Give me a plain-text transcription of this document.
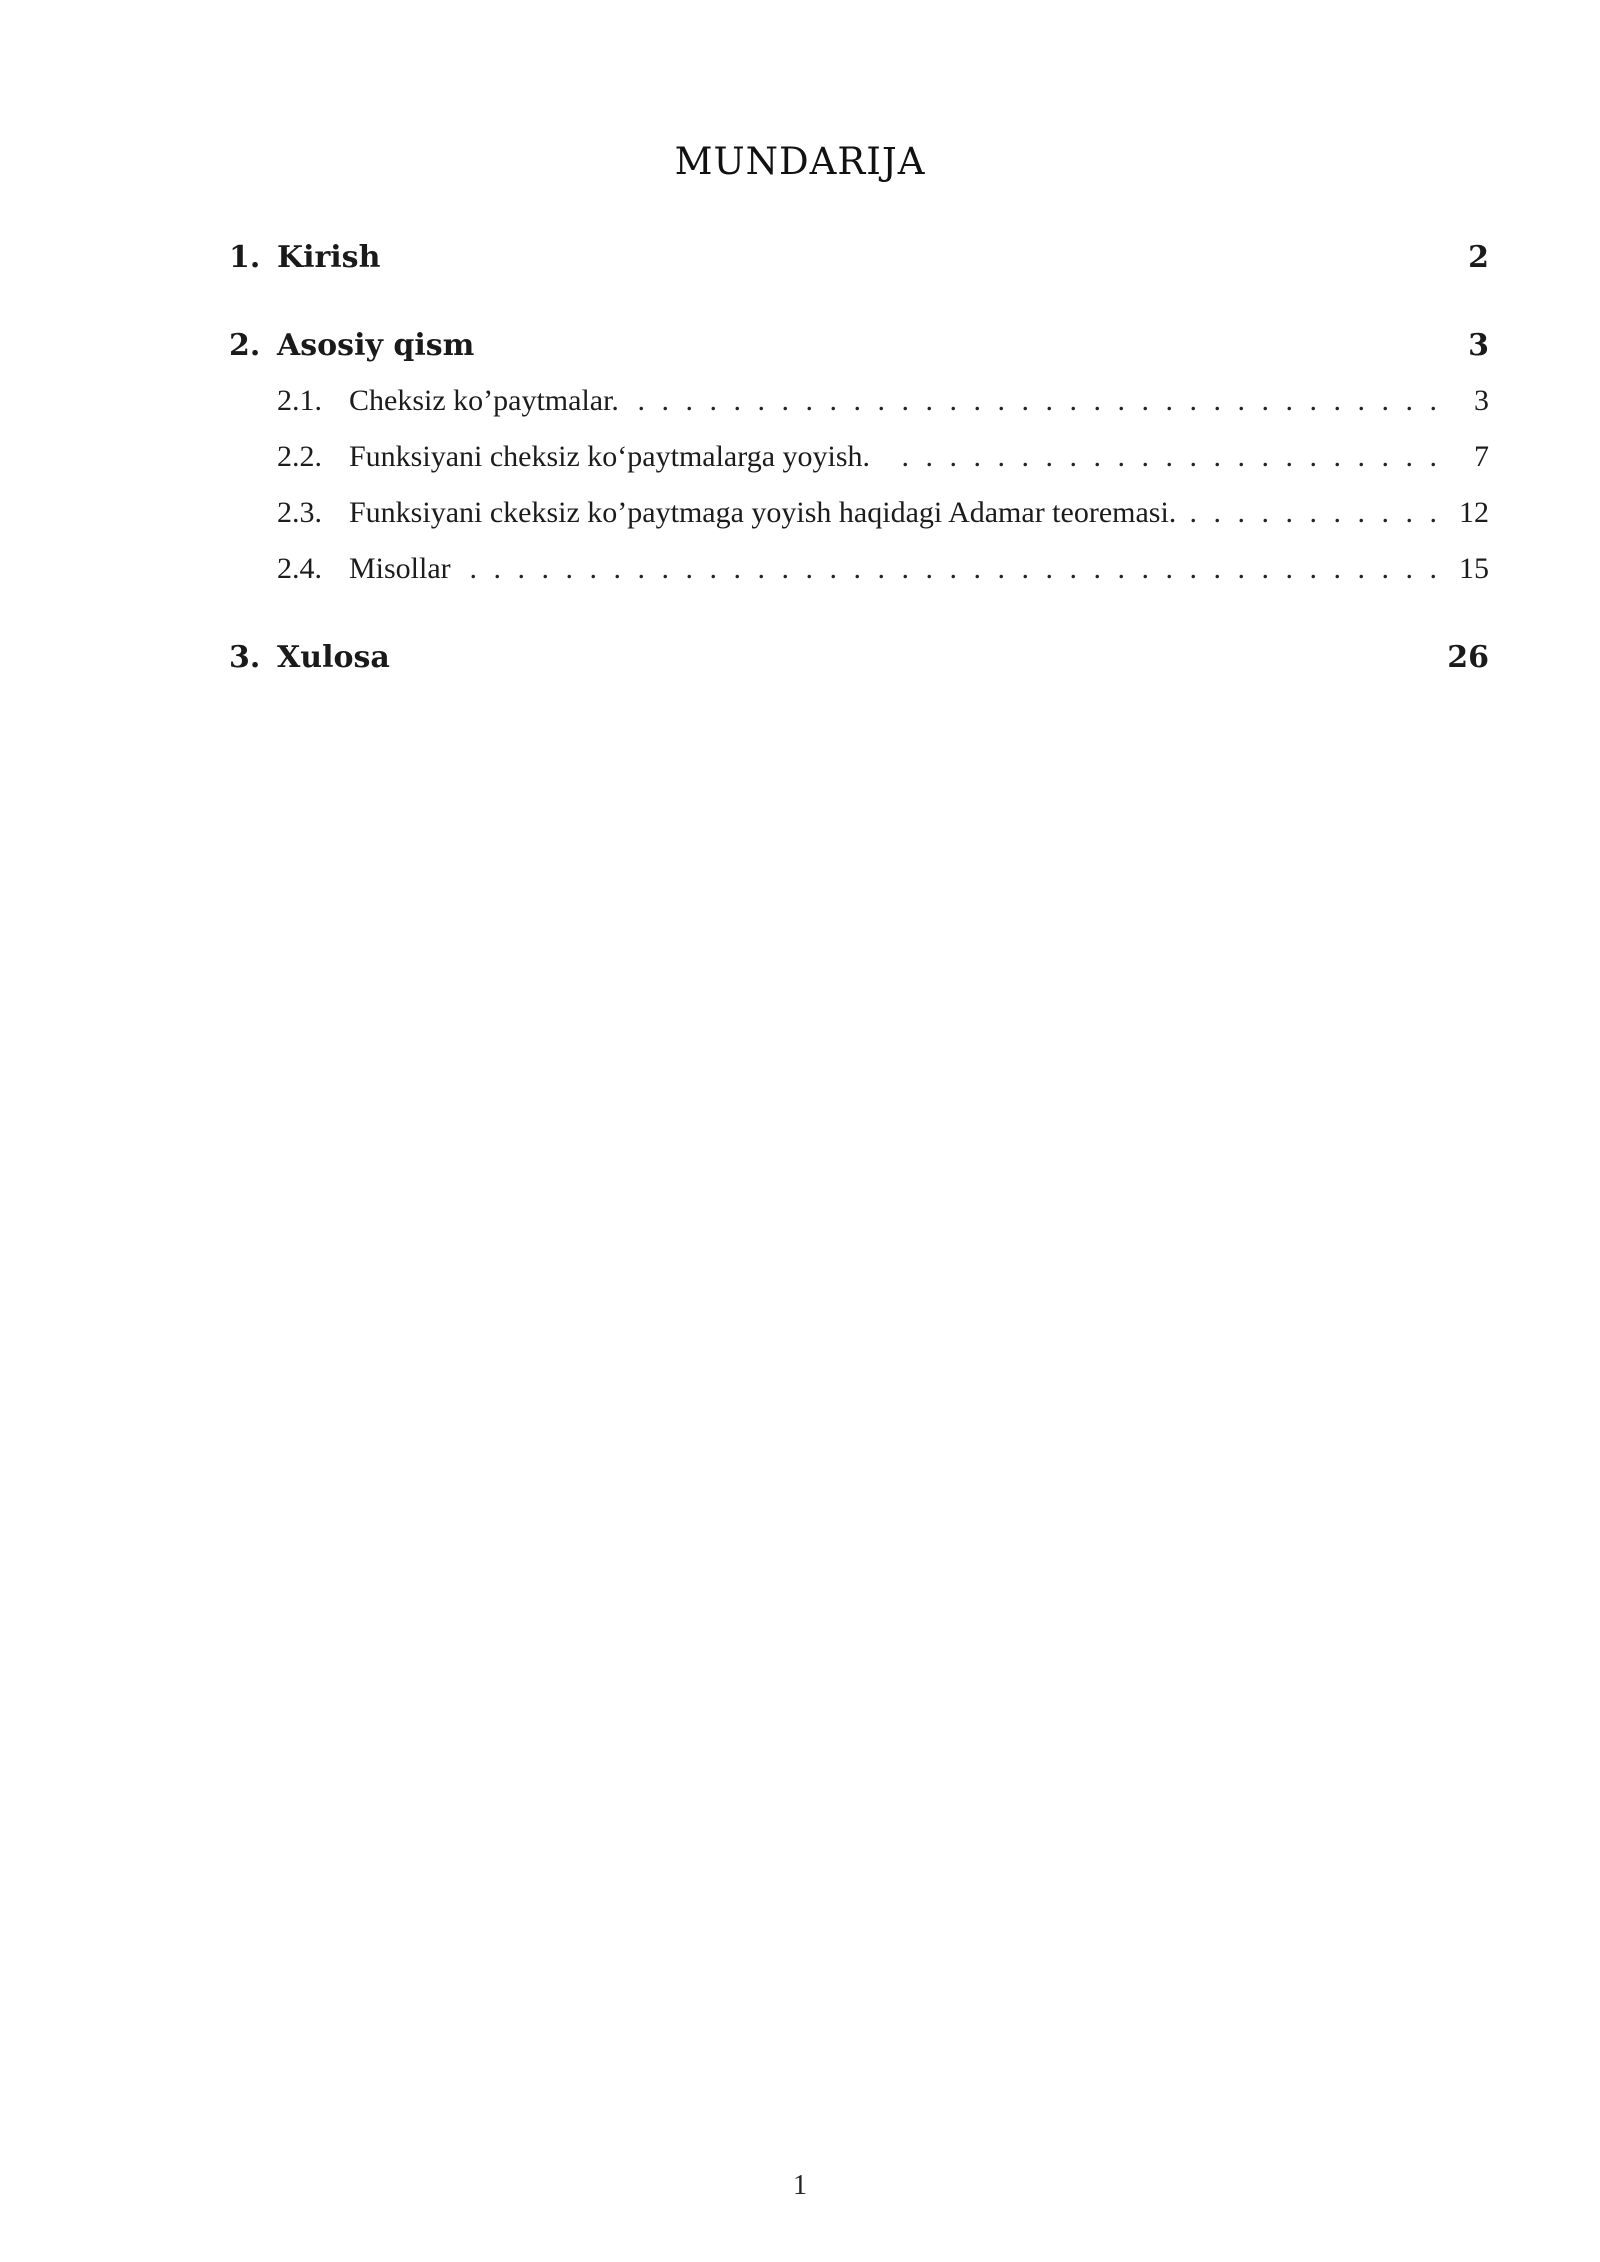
MUNDARIJA
1. Kirish	2
2. Asosiy qism	3
2.1. Cheksiz ko’paytmalar. . . .	3
2.2. Funksiyani cheksiz ko‘paytmalarga yoyish. . . .	7
2.3. Funksiyani ckeksiz ko’paytmaga yoyish haqidagi Adamar teoremasi. . . .	12
2.4. Misollar . . .	15
3. Xulosa	26
1
